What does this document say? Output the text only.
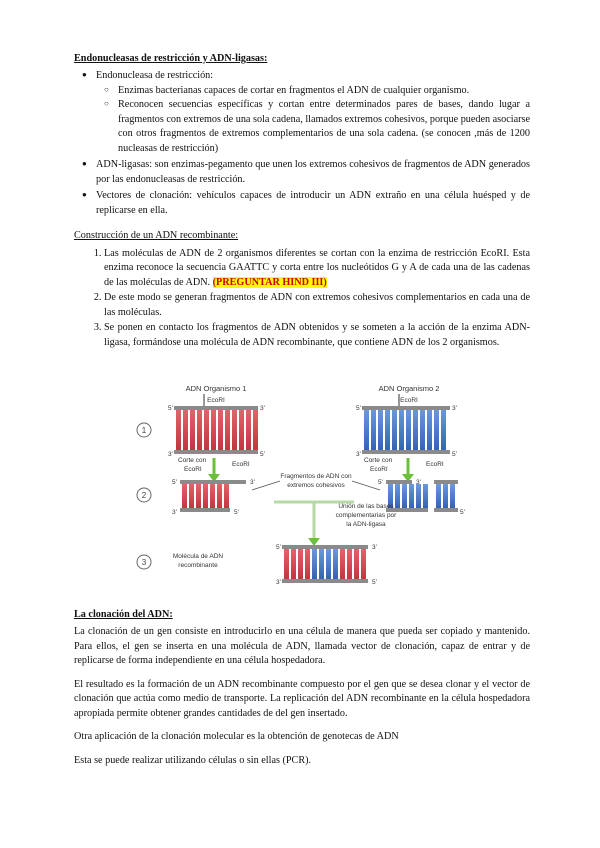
Endonucleasas de restricción y ADN-ligasas:
● Endonucleasa de restricción:
○ Enzimas bacterianas capaces de cortar en fragmentos el ADN de cualquier organismo.
○ Reconocen secuencias específicas y cortan entre determinados pares de bases, dando lugar a fragmentos con extremos de una sola cadena, llamados extremos cohesivos, porque pueden asociarse con otros fragmentos de extremos complementarios de una sola cadena. (se conocen ,más de 1200 nucleasas de restricción)
● ADN-ligasas: son enzimas-pegamento que unen los extremos cohesivos de fragmentos de ADN generados por las endonucleasas de restricción.
● Vectores de clonación: vehículos capaces de introducir un ADN extraño en una célula huésped y de replicarse en ella.
Construcción de un ADN recombinante:
1. Las moléculas de ADN de 2 organismos diferentes se cortan con la enzima de restricción EcoRI. Esta enzima reconoce la secuencia GAATTC y corta entre los nucleótidos G y A de cada una de las cadenas de las moléculas de ADN. (PREGUNTAR HIND III)
2. De este modo se generan fragmentos de ADN con extremos cohesivos complementarios en cada una de las moléculas.
3. Se ponen en contacto los fragmentos de ADN obtenidos y se someten a la acción de la enzima ADN-ligasa, formándose una molécula de ADN recombinante, que contiene ADN de los 2 organismos.
1
2
3
ADN Organismo 1
EcoRI
5'	3'
3'	5'
ADN Organismo 2
EcoRI
5'	3'
3'	5'
Corte con
EcoRI
EcoRI
Corte con
EcoRI
EcoRI
5'	3'
3'	5'
5'	3'
5'
Fragmentos de ADN con
extremos cohesivos
Unión de las bases
complementarias por
la ADN-ligasa
Molécula de ADN
recombinante
5'	3'
3'	5'
La clonación del ADN:

La clonación de un gen consiste en introducirlo en una célula de manera que pueda ser copiado y mantenido. Para ellos, el gen se inserta en una molécula de ADN, llamada vector de clonación, capaz de entrar y de replicarse de forma independiente en una célula hospedadora.

El resultado es la formación de un ADN recombinante compuesto por el gen que se desea clonar y el vector de clonación que actúa como medio de transporte. La replicación del ADN recombinante en la célula hospedadora apropiada permite obtener grandes cantidades de del gen insertado.

Otra aplicación de la clonación molecular es la obtención de genotecas de ADN

Esta se puede realizar utilizando células o sin ellas (PCR).
